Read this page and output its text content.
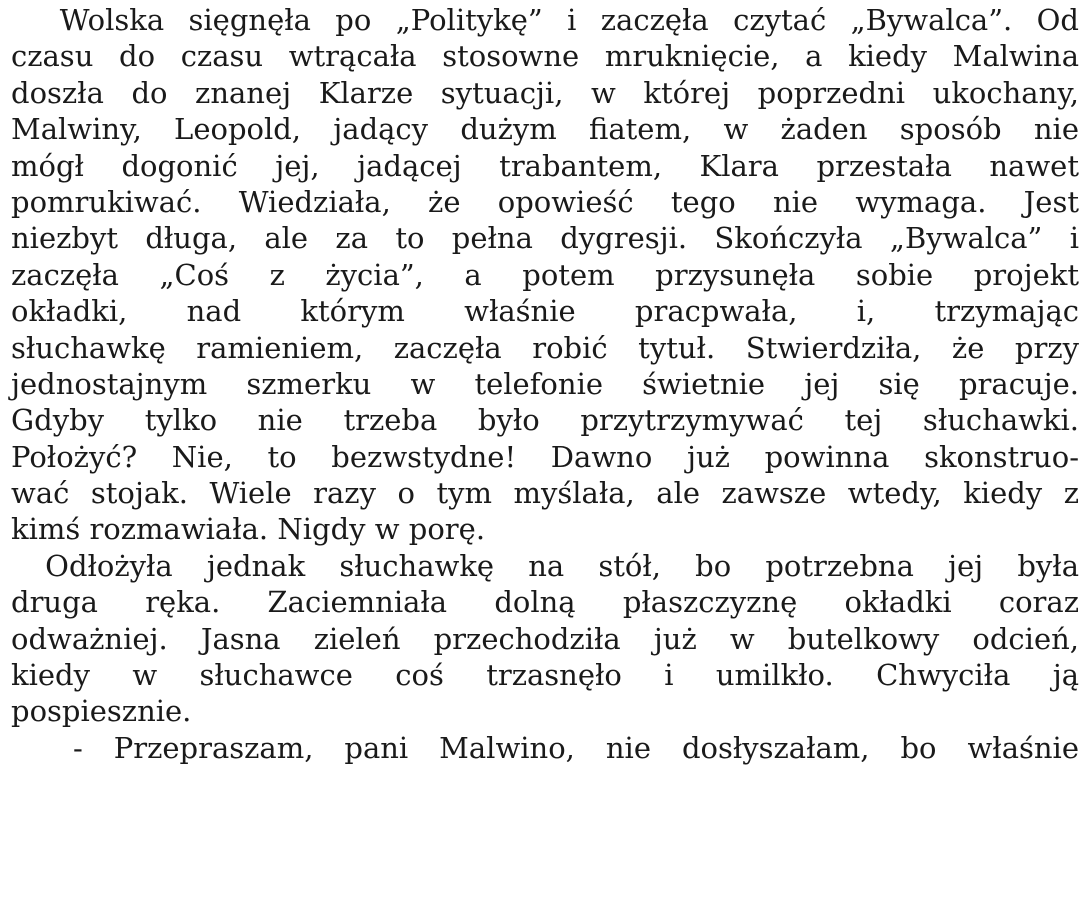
Wolska sięgnęła po „Politykę” i zaczęła czytać „Bywalca”. Od
czasu do czasu wtrącała stosowne mruknięcie, a kiedy Malwina
doszła do znanej Klarze sytuacji, w której poprzedni ukochany,
Malwiny, Leopold, jadący dużym fiatem, w żaden sposób nie
mógł dogonić jej, jadącej trabantem, Klara przestała nawet
pomrukiwać. Wiedziała, że opowieść tego nie wymaga. Jest
niezbyt długa, ale za to pełna dygresji. Skończyła „Bywalca” i
zaczęła „Coś z życia”, a potem przysunęła sobie projekt
okładki, nad którym właśnie pracpwała, i, trzymając
słuchawkę ramieniem, zaczęła robić tytuł. Stwierdziła, że przy
jednostajnym szmerku w telefonie świetnie jej się pracuje.
Gdyby tylko nie trzeba było przytrzymywać tej słuchawki.
Położyć? Nie, to bezwstydne! Dawno już powinna skonstruo-
wać stojak. Wiele razy o tym myślała, ale zawsze wtedy, kiedy z
kimś rozmawiała. Nigdy w porę.
Odłożyła jednak słuchawkę na stół, bo potrzebna jej była
druga ręka. Zaciemniała dolną płaszczyznę okładki coraz
odważniej. Jasna zieleń przechodziła już w butelkowy odcień,
kiedy w słuchawce coś trzasnęło i umilkło. Chwyciła ją
pospiesznie.
- Przepraszam, pani Malwino, nie dosłyszałam, bo właśnie
